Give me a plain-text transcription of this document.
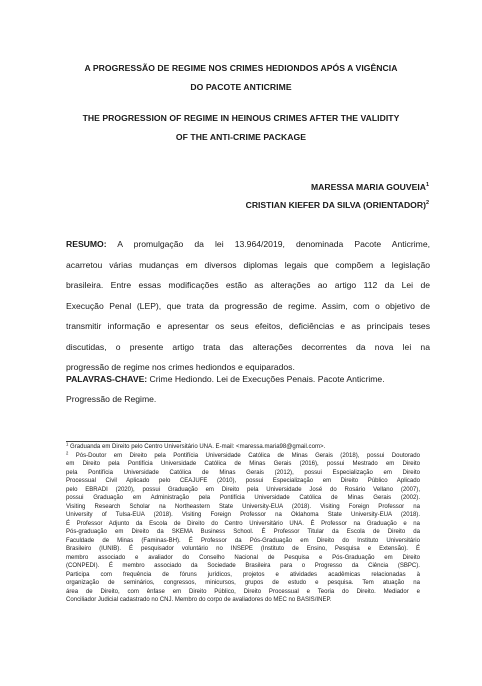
A PROGRESSÃO DE REGIME NOS CRIMES HEDIONDOS APÓS A VIGÊNCIA
DO PACOTE ANTICRIME
THE PROGRESSION OF REGIME IN HEINOUS CRIMES AFTER THE VALIDITY
OF THE ANTI-CRIME PACKAGE
MARESSA MARIA GOUVEIA$^1$
CRISTIAN KIEFER DA SILVA (ORIENTADOR)$^2$
RESUMO: A promulgação da lei 13.964/2019, denominada Pacote Anticrime,
acarretou várias mudanças em diversos diplomas legais que compõem a legislação
brasileira. Entre essas modificações estão as alterações ao artigo 112 da Lei de
Execução Penal (LEP), que trata da progressão de regime. Assim, com o objetivo de
transmitir informação e apresentar os seus efeitos, deficiências e as principais teses
discutidas, o presente artigo trata das alterações decorrentes da nova lei na
progressão de regime nos crimes hediondos e equiparados.
PALAVRAS-CHAVE: Crime Hediondo. Lei de Execuções Penais. Pacote Anticrime.
Progressão de Regime.
$^1$ Graduanda em Direito pelo Centro Universitário UNA. E-mail: <maressa.maria98@gmail.com>.
$^2$ Pós-Doutor em Direito pela Pontifícia Universidade Católica de Minas Gerais (2018), possui Doutorado
em Direito pela Pontifícia Universidade Católica de Minas Gerais (2016), possui Mestrado em Direito
pela Pontifícia Universidade Católica de Minas Gerais (2012), possui Especialização em Direito
Processual Civil Aplicado pelo CEAJUFE (2010), possui Especialização em Direito Público Aplicado
pelo EBRADI (2020), possui Graduação em Direito pela Universidade José do Rosário Vellano (2007),
possui Graduação em Administração pela Pontifícia Universidade Católica de Minas Gerais (2002).
Visiting Research Scholar na Northeastern State University-EUA (2018). Visiting Foreign Professor na
University of Tulsa-EUA (2018). Visiting Foreign Professor na Oklahoma State University-EUA (2018).
É Professor Adjunto da Escola de Direito do Centro Universitário UNA. É Professor na Graduação e na
Pós-graduação em Direito da SKEMA Business School. É Professor Titular da Escola de Direito da
Faculdade de Minas (Faminas-BH). É Professor da Pós-Graduação em Direito do Instituto Universitário
Brasileiro (IUNIB). É pesquisador voluntário no INSEPE (Instituto de Ensino, Pesquisa e Extensão). É
membro associado e avaliador do Conselho Nacional de Pesquisa e Pós-Graduação em Direito
(CONPEDI). É membro associado da Sociedade Brasileira para o Progresso da Ciência (SBPC).
Participa com frequência de fóruns jurídicos, projetos e atividades acadêmicas relacionadas à
organização de seminários, congressos, minicursos, grupos de estudo e pesquisa. Tem atuação na
área de Direito, com ênfase em Direito Público, Direito Processual e Teoria do Direito. Mediador e
Conciliador Judicial cadastrado no CNJ. Membro do corpo de avaliadores do MEC no BASIS/INEP.
